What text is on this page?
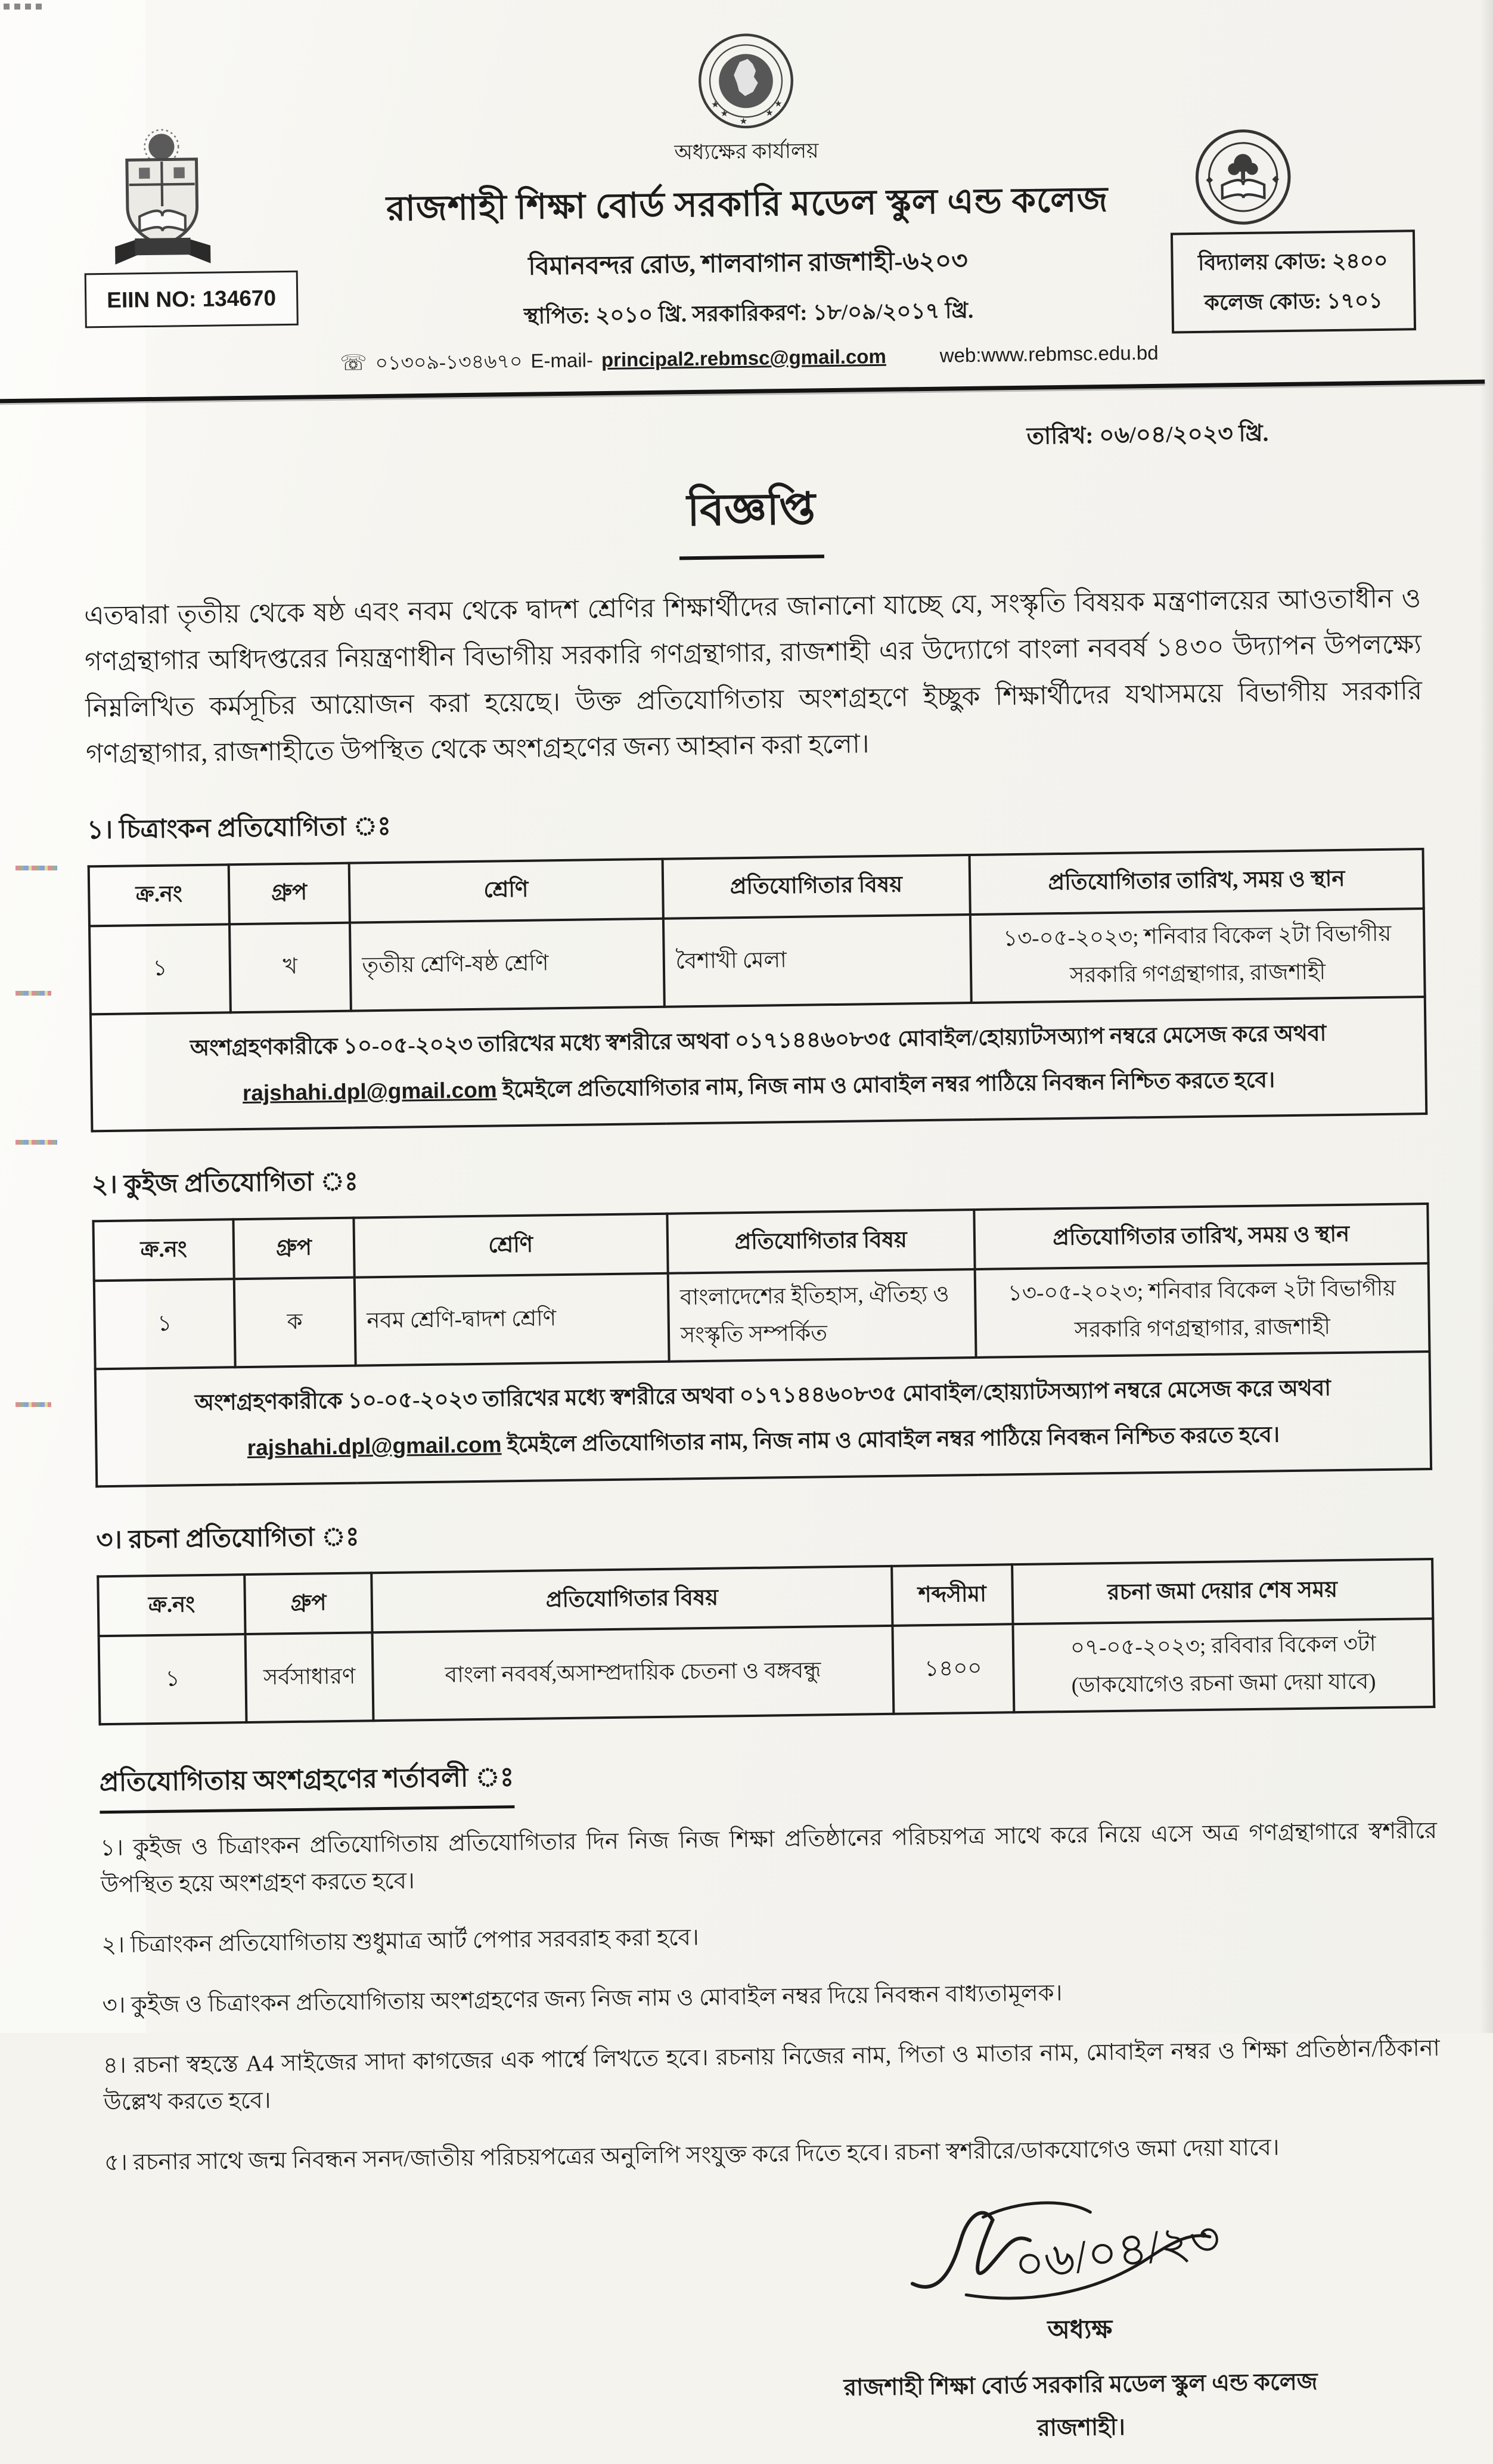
★	★
★	★
★
অধ্যক্ষের কার্যালয়
রাজশাহী শিক্ষা বোর্ড সরকারি মডেল স্কুল এন্ড কলেজ
বিমানবন্দর রোড, শালবাগান রাজশাহী-৬২০৩
স্থাপিত: ২০১০ খ্রি. সরকারিকরণ: ১৮/০৯/২০১৭ খ্রি.
☏ ০১৩০৯-১৩৪৬৭০ E-mail- principal2.rebmsc@gmail.com	web:www.rebmsc.edu.bd
◆	◆
EIIN NO: 134670
বিদ্যালয় কোড: ২৪০০
কলেজ কোড: ১৭০১
তারিখ: ০৬/০৪/২০২৩ খ্রি.
বিজ্ঞপ্তি

এতদ্বারা তৃতীয় থেকে ষষ্ঠ এবং নবম থেকে দ্বাদশ শ্রেণির শিক্ষার্থীদের জানানো যাচ্ছে যে, সংস্কৃতি বিষয়ক মন্ত্রণালয়ের আওতাধীন ও গণগ্রন্থাগার অধিদপ্তরের নিয়ন্ত্রণাধীন বিভাগীয় সরকারি গণগ্রন্থাগার, রাজশাহী এর উদ্যোগে বাংলা নববর্ষ ১৪৩০ উদ্যাপন উপলক্ষ্যে নিম্নলিখিত কর্মসূচির আয়োজন করা হয়েছে। উক্ত প্রতিযোগিতায় অংশগ্রহণে ইচ্ছুক শিক্ষার্থীদের যথাসময়ে বিভাগীয় সরকারি গণগ্রন্থাগার, রাজশাহীতে উপস্থিত থেকে অংশগ্রহণের জন্য আহ্বান করা হলো।

১। চিত্রাংকন প্রতিযোগিতা ঃ
ক্র.নং	গ্রুপ	শ্রেণি	প্রতিযোগিতার বিষয়	প্রতিযোগিতার তারিখ, সময় ও স্থান
১	খ	তৃতীয় শ্রেণি-ষষ্ঠ শ্রেণি	বৈশাখী মেলা	১৩-০৫-২০২৩; শনিবার বিকেল ২টা বিভাগীয় সরকারি গণগ্রন্থাগার, রাজশাহী
অংশগ্রহণকারীকে ১০-০৫-২০২৩ তারিখের মধ্যে স্বশরীরে অথবা ০১৭১৪৪৬০৮৩৫ মোবাইল/হোয়্যাটসঅ্যাপ নম্বরে মেসেজ করে অথবা rajshahi.dpl@gmail.com ইমেইলে প্রতিযোগিতার নাম, নিজ নাম ও মোবাইল নম্বর পাঠিয়ে নিবন্ধন নিশ্চিত করতে হবে।				
২। কুইজ প্রতিযোগিতা ঃ
ক্র.নং	গ্রুপ	শ্রেণি	প্রতিযোগিতার বিষয়	প্রতিযোগিতার তারিখ, সময় ও স্থান
১	ক	নবম শ্রেণি-দ্বাদশ শ্রেণি	বাংলাদেশের ইতিহাস, ঐতিহ্য ও সংস্কৃতি সম্পর্কিত	১৩-০৫-২০২৩; শনিবার বিকেল ২টা বিভাগীয় সরকারি গণগ্রন্থাগার, রাজশাহী
অংশগ্রহণকারীকে ১০-০৫-২০২৩ তারিখের মধ্যে স্বশরীরে অথবা ০১৭১৪৪৬০৮৩৫ মোবাইল/হোয়্যাটসঅ্যাপ নম্বরে মেসেজ করে অথবা rajshahi.dpl@gmail.com ইমেইলে প্রতিযোগিতার নাম, নিজ নাম ও মোবাইল নম্বর পাঠিয়ে নিবন্ধন নিশ্চিত করতে হবে।				
৩। রচনা প্রতিযোগিতা ঃ
ক্র.নং	গ্রুপ	প্রতিযোগিতার বিষয়	শব্দসীমা	রচনা জমা দেয়ার শেষ সময়
১	সর্বসাধারণ	বাংলা নববর্ষ,অসাম্প্রদায়িক চেতনা ও বঙ্গবন্ধু	১৪০০	০৭-০৫-২০২৩; রবিবার বিকেল ৩টা (ডাকযোগেও রচনা জমা দেয়া যাবে)
প্রতিযোগিতায় অংশগ্রহণের শর্তাবলী ঃ

১। কুইজ ও চিত্রাংকন প্রতিযোগিতায় প্রতিযোগিতার দিন নিজ নিজ শিক্ষা প্রতিষ্ঠানের পরিচয়পত্র সাথে করে নিয়ে এসে অত্র গণগ্রন্থাগারে স্বশরীরে উপস্থিত হয়ে অংশগ্রহণ করতে হবে।

২। চিত্রাংকন প্রতিযোগিতায় শুধুমাত্র আর্ট পেপার সরবরাহ করা হবে।

৩। কুইজ ও চিত্রাংকন প্রতিযোগিতায় অংশগ্রহণের জন্য নিজ নাম ও মোবাইল নম্বর দিয়ে নিবন্ধন বাধ্যতামূলক।

৪। রচনা স্বহস্তে A4 সাইজের সাদা কাগজের এক পার্শ্বে লিখতে হবে। রচনায় নিজের নাম, পিতা ও মাতার নাম, মোবাইল নম্বর ও শিক্ষা প্রতিষ্ঠান/ঠিকানা উল্লেখ করতে হবে।

৫। রচনার সাথে জন্ম নিবন্ধন সনদ/জাতীয় পরিচয়পত্রের অনুলিপি সংযুক্ত করে দিতে হবে। রচনা স্বশরীরে/ডাকযোগেও জমা দেয়া যাবে।

০৬/০৪/২৩
অধ্যক্ষ
রাজশাহী শিক্ষা বোর্ড সরকারি মডেল স্কুল এন্ড কলেজ
রাজশাহী।
